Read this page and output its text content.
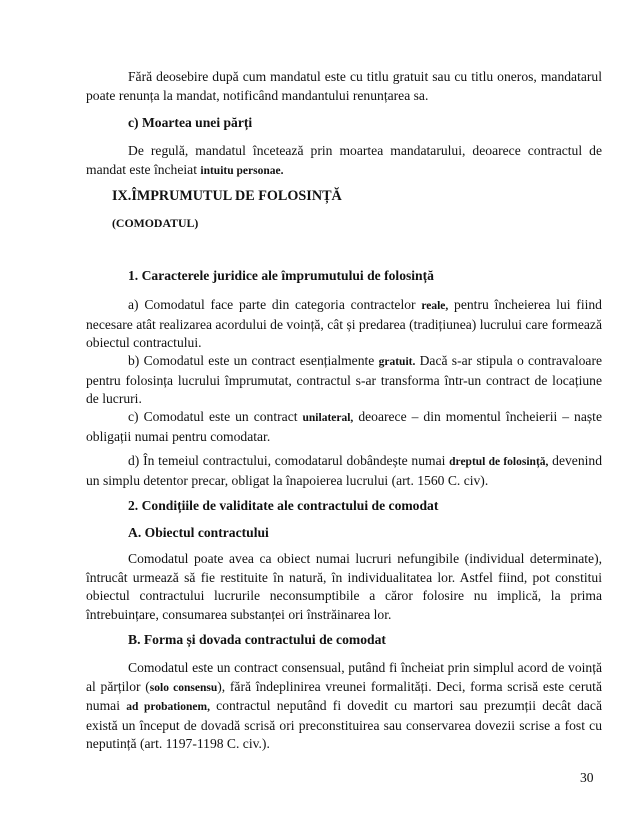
Fără deosebire după cum mandatul este cu titlu gratuit sau cu titlu oneros, mandatarul poate renunța la mandat, notificând mandantului renunțarea sa.

c) Moartea unei părți

De regulă, mandatul încetează prin moartea mandatarului, deoarece contractul de mandat este încheiat intuitu personae.

IX.ÎMPRUMUTUL DE FOLOSINȚĂ

(COMODATUL)

1. Caracterele juridice ale împrumutului de folosință

a) Comodatul face parte din categoria contractelor reale, pentru încheierea lui fiind necesare atât realizarea acordului de voință, cât și predarea (tradițiunea) lucrului care formează obiectul contractului.

b) Comodatul este un contract esențialmente gratuit. Dacă s-ar stipula o contravaloare pentru folosința lucrului împrumutat, contractul s-ar transforma într-un contract de locațiune de lucruri.

c) Comodatul este un contract unilateral, deoarece – din momentul încheierii – naște obligații numai pentru comodatar.

d) În temeiul contractului, comodatarul dobândește numai dreptul de folosință, devenind un simplu detentor precar, obligat la înapoierea lucrului (art. 1560 C. civ).

2. Condițiile de validitate ale contractului de comodat

A. Obiectul contractului

Comodatul poate avea ca obiect numai lucruri nefungibile (individual determinate), întrucât urmează să fie restituite în natură, în individualitatea lor. Astfel fiind, pot constitui obiectul contractului lucrurile neconsumptibile a căror folosire nu implică, la prima întrebuințare, consumarea substanței ori înstrăinarea lor.

B. Forma și dovada contractului de comodat

Comodatul este un contract consensual, putând fi încheiat prin simplul acord de voință al părților (solo consensu), fără îndeplinirea vreunei formalități. Deci, forma scrisă este cerută numai ad probationem, contractul neputând fi dovedit cu martori sau prezumții decât dacă există un început de dovadă scrisă ori preconstituirea sau conservarea dovezii scrise a fost cu neputință (art. 1197-1198 C. civ.).

30
